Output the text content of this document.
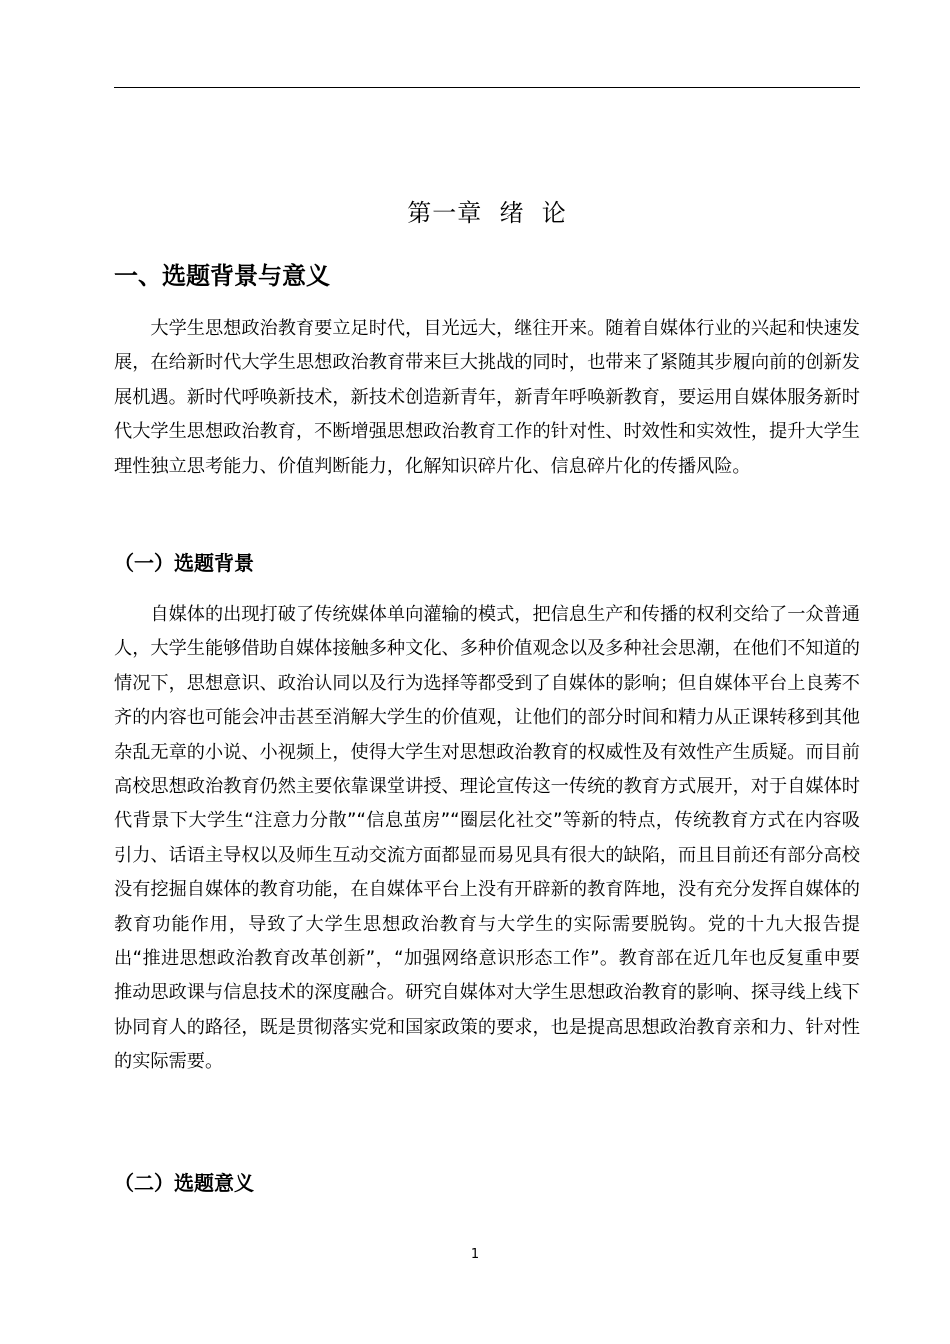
第一章  绪  论
一、选题背景与意义

大学生思想政治教育要立足时代，目光远大，继往开来。随着自媒体行业的兴起和快速发展，在给新时代大学生思想政治教育带来巨大挑战的同时，也带来了紧随其步履向前的创新发展机遇。新时代呼唤新技术，新技术创造新青年，新青年呼唤新教育，要运用自媒体服务新时代大学生思想政治教育，不断增强思想政治教育工作的针对性、时效性和实效性，提升大学生理性独立思考能力、价值判断能力，化解知识碎片化、信息碎片化的传播风险。

（一）选题背景

自媒体的出现打破了传统媒体单向灌输的模式，把信息生产和传播的权利交给了一众普通人，大学生能够借助自媒体接触多种文化、多种价值观念以及多种社会思潮，在他们不知道的情况下，思想意识、政治认同以及行为选择等都受到了自媒体的影响；但自媒体平台上良莠不齐的内容也可能会冲击甚至消解大学生的价值观，让他们的部分时间和精力从正课转移到其他杂乱无章的小说、小视频上，使得大学生对思想政治教育的权威性及有效性产生质疑。而目前高校思想政治教育仍然主要依靠课堂讲授、理论宣传这一传统的教育方式展开，对于自媒体时代背景下大学生“注意力分散”“信息茧房”“圈层化社交”等新的特点，传统教育方式在内容吸引力、话语主导权以及师生互动交流方面都显而易见具有很大的缺陷，而且目前还有部分高校没有挖掘自媒体的教育功能，在自媒体平台上没有开辟新的教育阵地，没有充分发挥自媒体的教育功能作用，导致了大学生思想政治教育与大学生的实际需要脱钩。党的十九大报告提出“推进思想政治教育改革创新”，“加强网络意识形态工作”。教育部在近几年也反复重申要推动思政课与信息技术的深度融合。研究自媒体对大学生思想政治教育的影响、探寻线上线下协同育人的路径，既是贯彻落实党和国家政策的要求，也是提高思想政治教育亲和力、针对性的实际需要。

（二）选题意义
1
